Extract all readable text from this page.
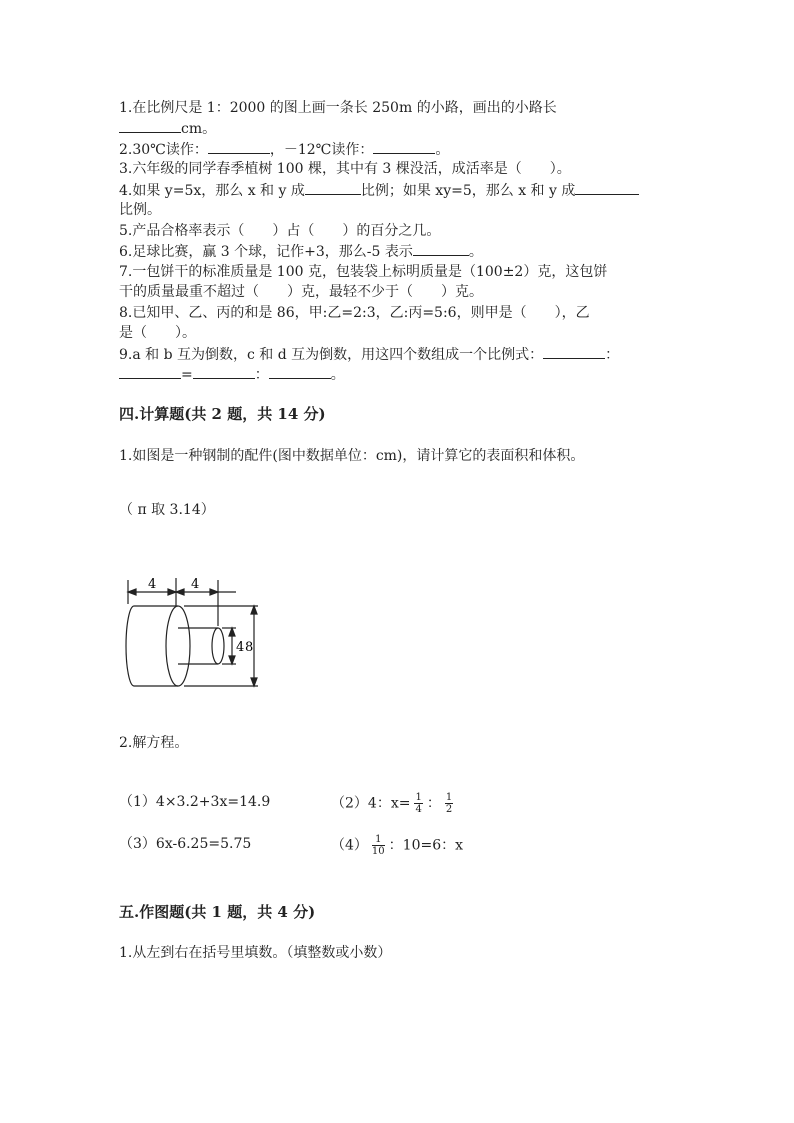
1.在比例尺是 1：2000 的图上画一条长 250m 的小路，画出的小路长
cm。
2.30℃读作：	，－12℃读作：	。
3.六年级的同学春季植树 100 棵，其中有 3 棵没活，成活率是（　　）。
4.如果 y=5x，那么 x 和 y 成	比例；如果 xy=5，那么 x 和 y 成
比例。
5.产品合格率表示（　　）占（　　）的百分之几。
6.足球比赛，赢 3 个球，记作+3，那么-5 表示	。
7.一包饼干的标准质量是 100 克，包装袋上标明质量是（100±2）克，这包饼
干的质量最重不超过（　　）克，最轻不少于（　　）克。
8.已知甲、乙、丙的和是 86，甲:乙=2:3，乙:丙=5:6，则甲是（　　），乙
是（　　）。
9.a 和 b 互为倒数，c 和 d 互为倒数，用这四个数组成一个比例式：	：
=	：	。
四.计算题(共 2 题，共 14 分)
1.如图是一种钢制的配件(图中数据单位：cm)，请计算它的表面积和体积。
（ π 取 3.14）
4	4
4 8
2.解方程。
（1）4×3.2+3x=14.9	（2）4：$x= \frac{1}{4}$ ： $\frac{1}{2}$
（3）6x-6.25=5.75	$(4) \frac{1}{10}$ ：10=6：x
五.作图题(共 1 题，共 4 分)
1.从左到右在括号里填数。（填整数或小数）
